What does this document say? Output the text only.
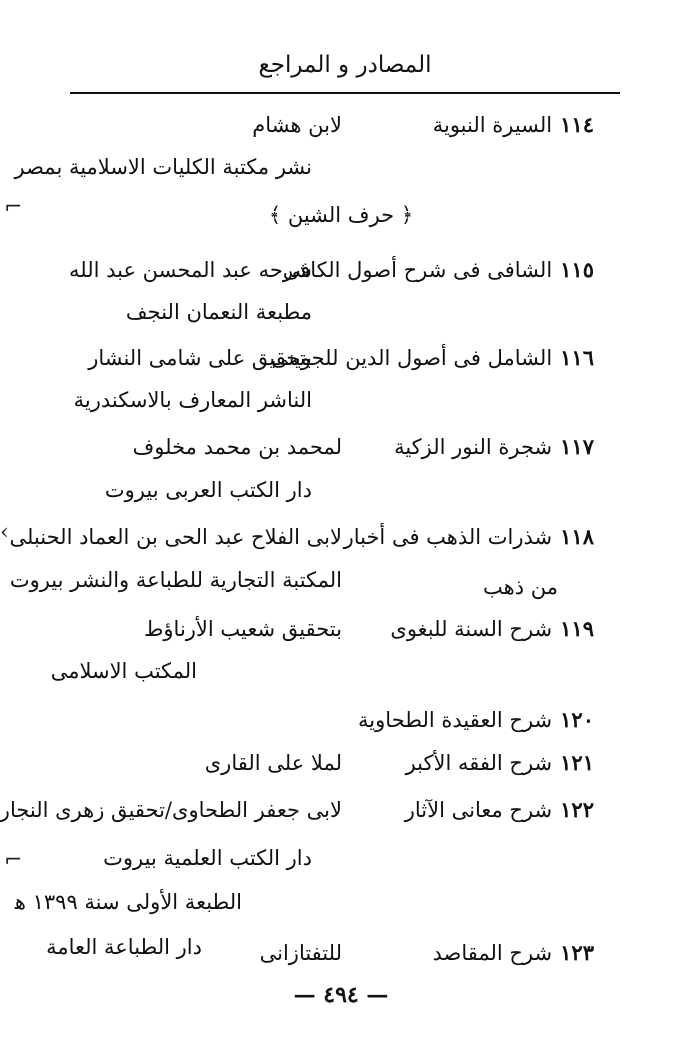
المصادر و المراجع
١١٤السيرة النبوية
لابن هشام
نشر مكتبة الكليات الاسلامية بمصر
﴿ حرف الشين ﴾
١١٥الشافى فى شرح أصول الكافى
شرحه عبد المحسن عبد الله
مطبعة النعمان النجف
١١٦الشامل فى أصول الدين للجوينى
بتحقيق على شامى النشار
الناشر المعارف بالاسكندرية
١١٧شجرة النور الزكية
لمحمد بن محمد مخلوف
دار الكتب العربى بيروت
١١٨شذرات الذهب فى أخبار
لابى الفلاح عبد الحى بن العماد الحنبلى
المكتبة التجارية للطباعة والنشر بيروت	من ذهب
١١٩شرح السنة للبغوى
بتحقيق شعيب الأرناؤط
المكتب الاسلامى
١٢٠شرح العقيدة الطحاوية
١٢١شرح الفقه الأكبر
لملا على القارى
١٢٢شرح معانى الآثار
لابى جعفر الطحاوى/تحقيق زهرى النجار
دار الكتب العلمية بيروت
الطبعة الأولى سنة ١٣٩٩ ﻫ
١٢٣شرح المقاصد
للتفتازانى
دار الطباعة العامة
— ٤٩٤ —
⌐
‹
⌐
